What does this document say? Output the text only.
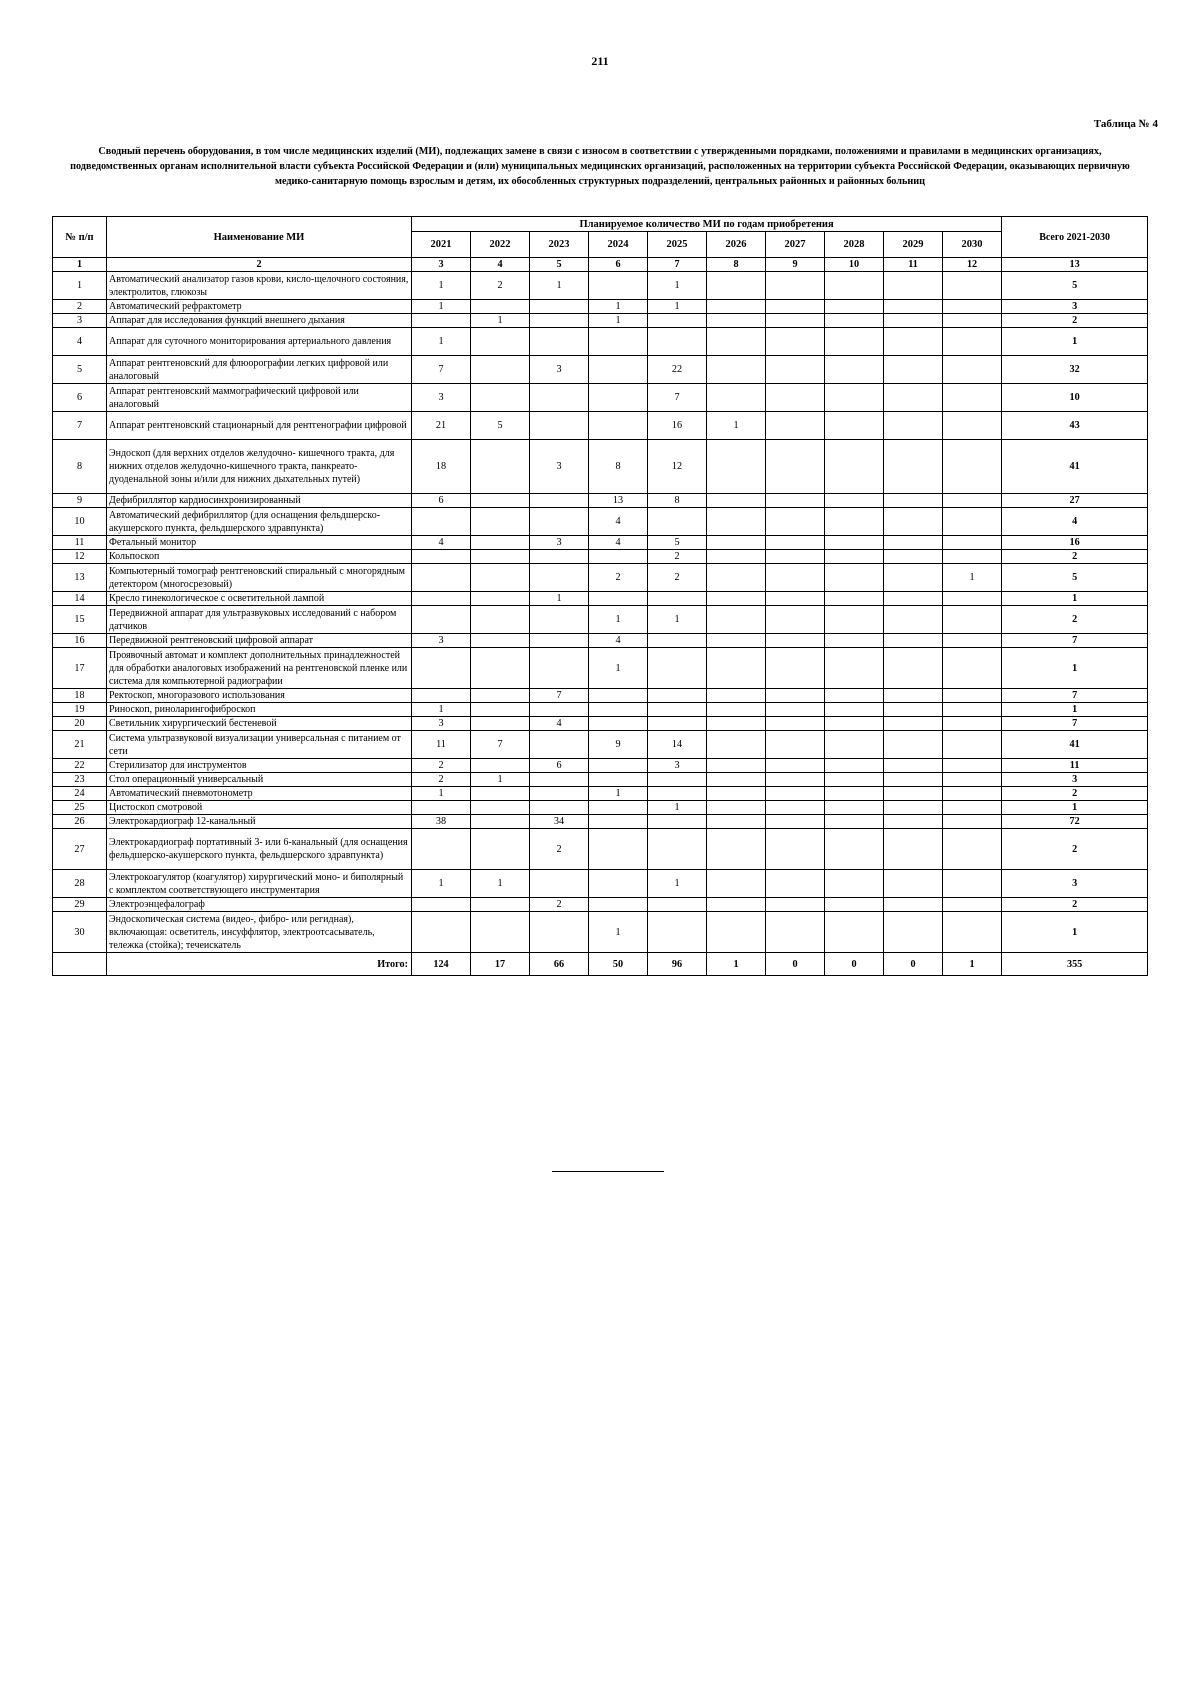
211
Таблица № 4
Сводный перечень оборудования, в том числе медицинских изделий (МИ), подлежащих замене в связи с износом в соответствии с утвержденными порядками, положениями и правилами в медицинских организациях, подведомственных органам исполнительной власти субъекта Российской Федерации и (или) муниципальных медицинских организаций, расположенных на территории субъекта Российской Федерации, оказывающих первичную медико-санитарную помощь взрослым и детям, их обособленных структурных подразделений, центральных районных и районных больниц
№ п/п	Наименование МИ	Планируемое количество МИ по годам приобретения										Всего 2021-2030
		2021	2022	2023	2024	2025	2026	2027	2028	2029	2030	
1	2	3	4	5	6	7	8	9	10	11	12	13
1	Автоматический анализатор газов крови, кисло-щелочного состояния, электролитов, глюкозы	1	2	1		1						5
2	Автоматический рефрактометр	1			1	1						3
3	Аппарат для исследования функций внешнего дыхания		1		1							2
4	Аппарат для суточного мониторирования артериального давления	1										1
5	Аппарат рентгеновский для флюорографии легких цифровой или аналоговый	7		3		22						32
6	Аппарат рентгеновский маммографический цифровой или аналоговый	3				7						10
7	Аппарат рентгеновский стационарный для рентгенографии цифровой	21	5			16	1					43
8	Эндоскоп (для верхних отделов желудочно- кишечного тракта, для нижних отделов желудочно-кишечного тракта, панкреато-дуоденальной зоны и/или для нижних дыхательных путей)	18		3	8	12						41
9	Дефибриллятор кардиосинхронизированный	6			13	8						27
10	Автоматический дефибриллятор (для оснащения фельдшерско-акушерского пункта, фельдшерского здравпункта)				4							4
11	Фетальный монитор	4		3	4	5						16
12	Кольпоскоп					2						2
13	Компьютерный томограф рентгеновский спиральный с многорядным детектором (многосрезовый)				2	2					1	5
14	Кресло гинекологическое с осветительной лампой			1								1
15	Передвижной аппарат для ультразвуковых исследований с набором датчиков				1	1						2
16	Передвижной рентгеновский цифровой аппарат	3			4							7
17	Проявочный автомат и комплект дополнительных принадлежностей для обработки аналоговых изображений на рентгеновской пленке или система для компьютерной радиографии				1							1
18	Ректоскоп, многоразового использования			7								7
19	Риноскоп, риноларингофиброскоп	1										1
20	Светильник хирургический бестеневой	3		4								7
21	Система ультразвуковой визуализации универсальная с питанием от сети	11	7		9	14						41
22	Стерилизатор для инструментов	2		6		3						11
23	Стол операционный универсальный	2	1									3
24	Автоматический пневмотонометр	1			1							2
25	Цистоскоп смотровой					1						1
26	Электрокардиограф 12-канальный	38		34								72
27	Электрокардиограф портативный 3- или 6-канальный (для оснащения фельдшерско-акушерского пункта, фельдшерского здравпункта)			2								2
28	Электрокоагулятор (коагулятор) хирургический моно- и биполярный с комплектом соответствующего инструментария	1	1			1						3
29	Электроэнцефалограф			2								2
30	Эндоскопическая система (видео-, фибро- или регидная), включающая: осветитель, инсуффлятор, электроотсасыватель, тележка (стойка); течеискатель				1							1
	Итого:	124	17	66	50	96	1	0	0	0	1	355
